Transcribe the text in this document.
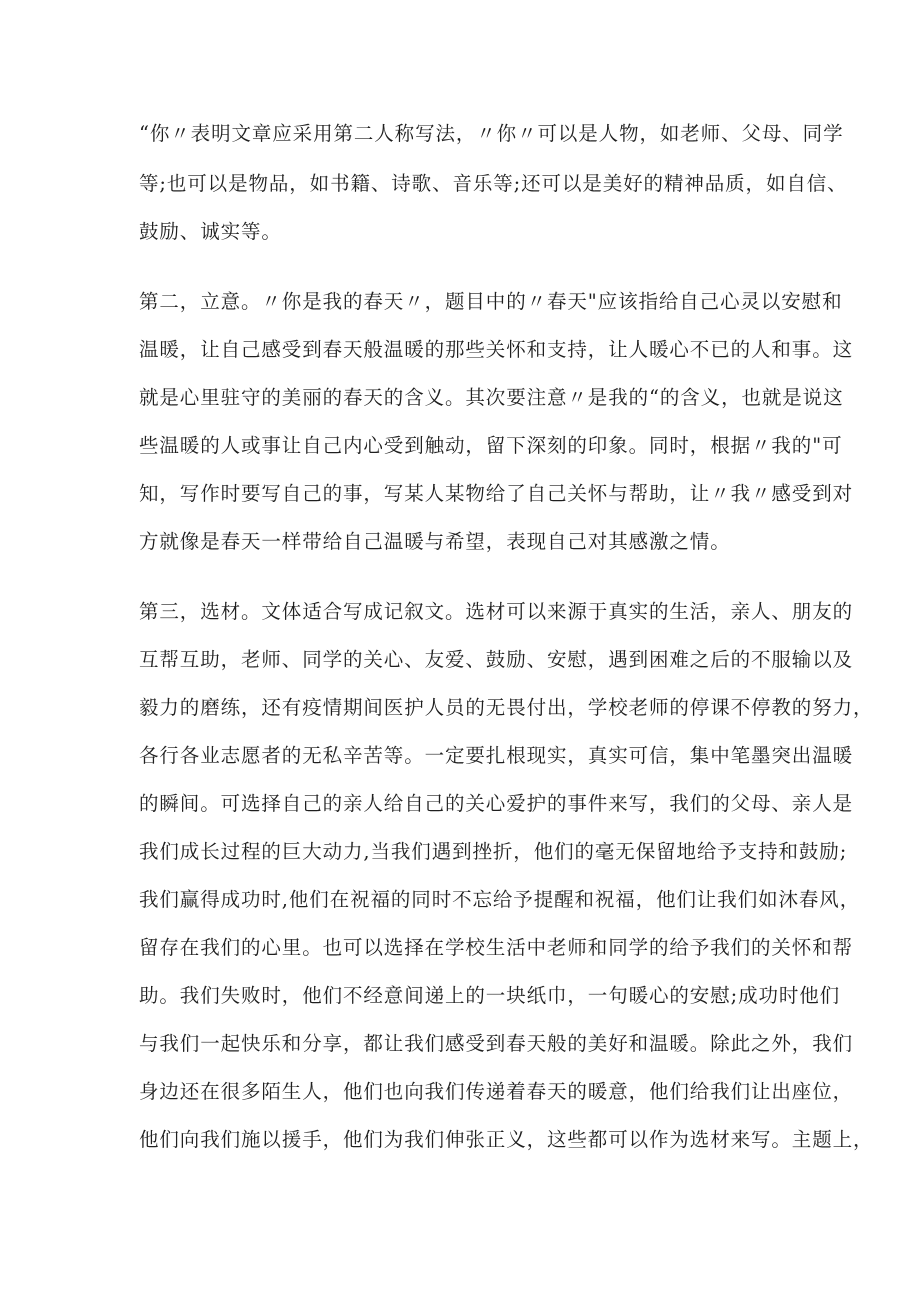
“你〃表明文章应采用第二人称写法，〃你〃可以是人物，如老师、父母、同学

等;也可以是物品，如书籍、诗歌、音乐等;还可以是美好的精神品质，如自信、

鼓励、诚实等。

第二，立意。〃你是我的春天〃，题目中的〃春天"应该指给自己心灵以安慰和

温暖，让自己感受到春天般温暖的那些关怀和支持，让人暖心不已的人和事。这

就是心里驻守的美丽的春天的含义。其次要注意〃是我的“的含义，也就是说这

些温暖的人或事让自己内心受到触动，留下深刻的印象。同时，根据〃我的"可

知，写作时要写自己的事，写某人某物给了自己关怀与帮助，让〃我〃感受到对

方就像是春天一样带给自己温暖与希望，表现自己对其感激之情。

第三，选材。文体适合写成记叙文。选材可以来源于真实的生活，亲人、朋友的

互帮互助，老师、同学的关心、友爱、鼓励、安慰，遇到困难之后的不服输以及

毅力的磨练，还有疫情期间医护人员的无畏付出，学校老师的停课不停教的努力，

各行各业志愿者的无私辛苦等。一定要扎根现实，真实可信，集中笔墨突出温暖

的瞬间。可选择自己的亲人给自己的关心爱护的事件来写，我们的父母、亲人是

我们成长过程的巨大动力,当我们遇到挫折，他们的毫无保留地给予支持和鼓励;

我们赢得成功时,他们在祝福的同时不忘给予提醒和祝福，他们让我们如沐春风，

留存在我们的心里。也可以选择在学校生活中老师和同学的给予我们的关怀和帮

助。我们失败时，他们不经意间递上的一块纸巾，一句暖心的安慰;成功时他们

与我们一起快乐和分享，都让我们感受到春天般的美好和温暖。除此之外，我们

身边还在很多陌生人，他们也向我们传递着春天的暖意，他们给我们让出座位，

他们向我们施以援手，他们为我们伸张正义，这些都可以作为选材来写。主题上，
